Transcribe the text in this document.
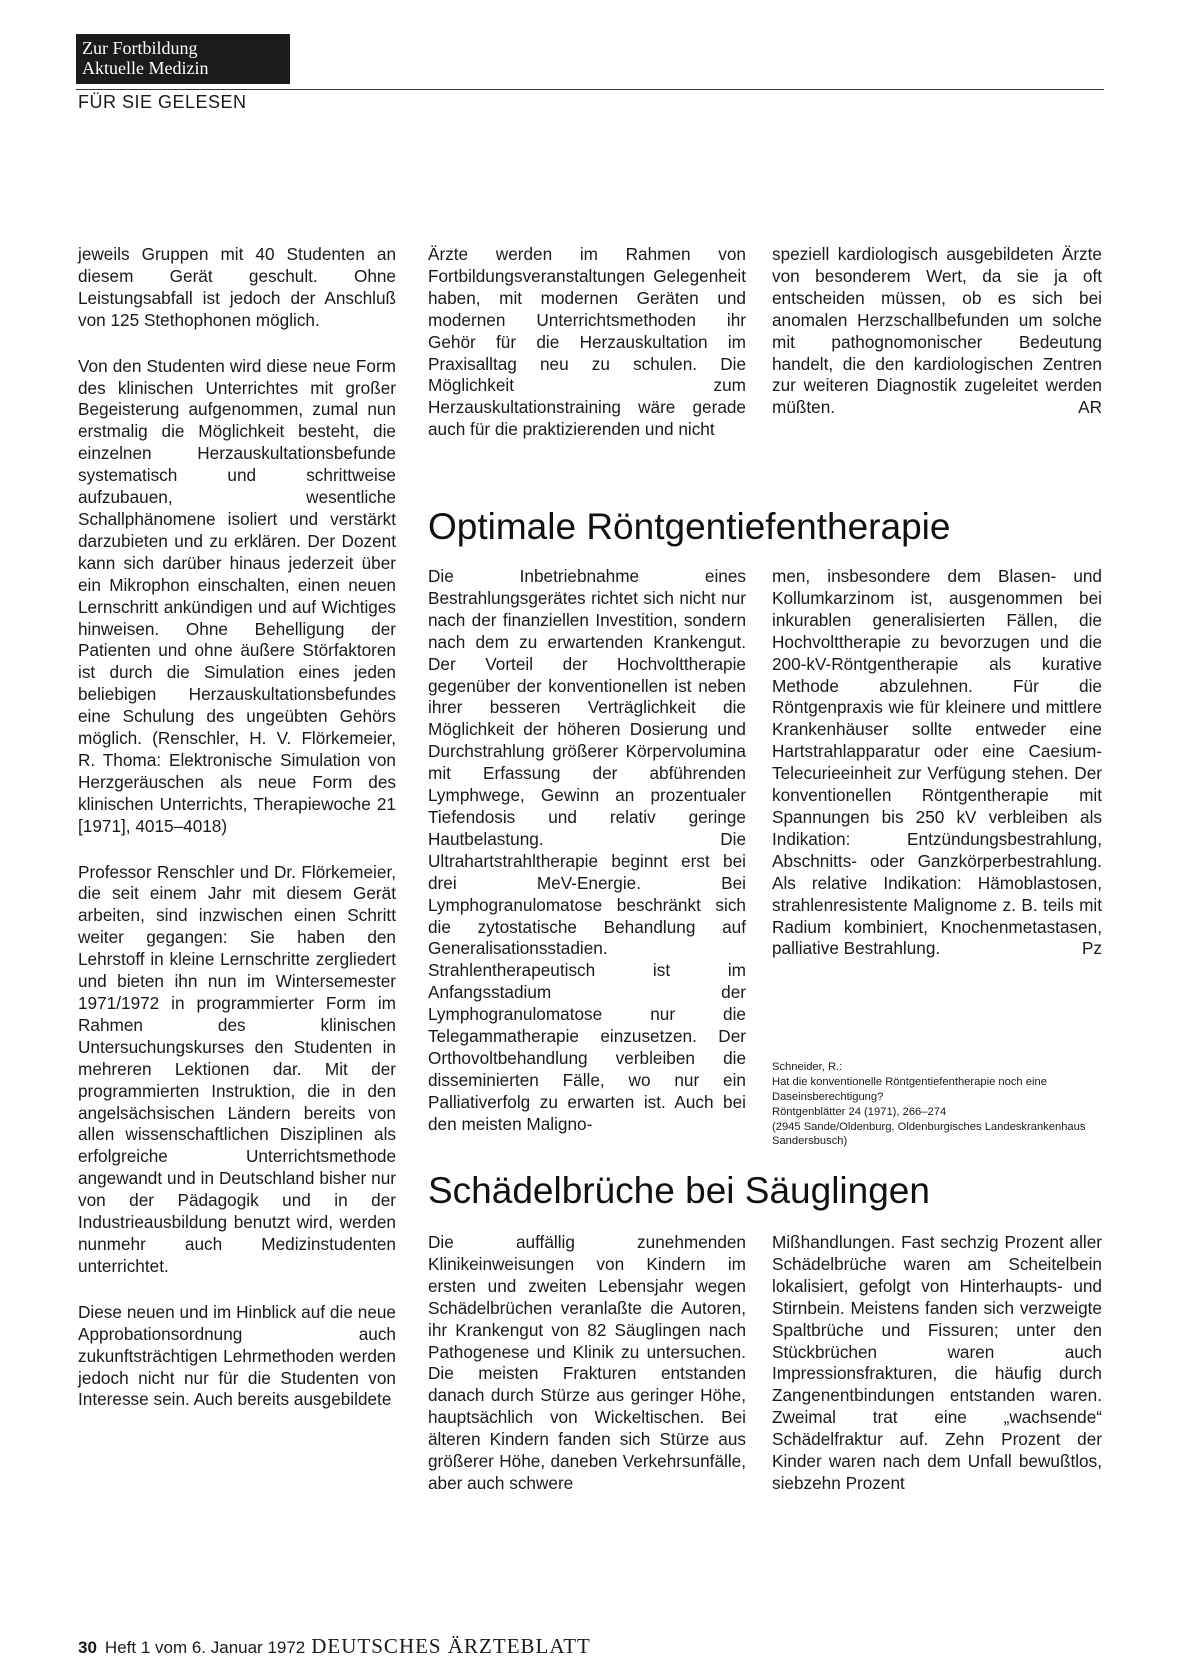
Zur Fortbildung
Aktuelle Medizin
FÜR SIE GELESEN

jeweils Gruppen mit 40 Studenten an diesem Gerät geschult. Ohne Leistungsabfall ist jedoch der Anschluß von 125 Stethophonen möglich.

Von den Studenten wird diese neue Form des klinischen Unterrichtes mit großer Begeisterung aufgenommen, zumal nun erstmalig die Möglichkeit besteht, die einzelnen Herzauskultationsbefunde systematisch und schrittweise aufzubauen, wesentliche Schallphänomene isoliert und verstärkt darzubieten und zu erklären. Der Dozent kann sich darüber hinaus jederzeit über ein Mikrophon einschalten, einen neuen Lernschritt ankündigen und auf Wichtiges hinweisen. Ohne Behelligung der Patienten und ohne äußere Störfaktoren ist durch die Simulation eines jeden beliebigen Herzauskultationsbefundes eine Schulung des ungeübten Gehörs möglich. (Renschler, H. V. Flörkemeier, R. Thoma: Elektronische Simulation von Herzgeräuschen als neue Form des klinischen Unterrichts, Therapiewoche 21 [1971], 4015–4018)

Professor Renschler und Dr. Flörkemeier, die seit einem Jahr mit diesem Gerät arbeiten, sind inzwischen einen Schritt weiter gegangen: Sie haben den Lehrstoff in kleine Lernschritte zergliedert und bieten ihn nun im Wintersemester 1971/1972 in programmierter Form im Rahmen des klinischen Untersuchungskurses den Studenten in mehreren Lektionen dar. Mit der programmierten Instruktion, die in den angelsächsischen Ländern bereits von allen wissenschaftlichen Disziplinen als erfolgreiche Unterrichtsmethode angewandt und in Deutschland bisher nur von der Pädagogik und in der Industrieausbildung benutzt wird, werden nunmehr auch Medizinstudenten unterrichtet.

Diese neuen und im Hinblick auf die neue Approbationsordnung auch zukunftsträchtigen Lehrmethoden werden jedoch nicht nur für die Studenten von Interesse sein. Auch bereits ausgebildete

Ärzte werden im Rahmen von Fortbildungsveranstaltungen Gelegenheit haben, mit modernen Geräten und modernen Unterrichtsmethoden ihr Gehör für die Herzauskultation im Praxisalltag neu zu schulen. Die Möglichkeit zum Herzauskultationstraining wäre gerade auch für die praktizierenden und nicht

speziell kardiologisch ausgebildeten Ärzte von besonderem Wert, da sie ja oft entscheiden müssen, ob es sich bei anomalen Herzschallbefunden um solche mit pathognomonischer Bedeutung handelt, die den kardiologischen Zentren zur weiteren Diagnostik zugeleitet werden müßten.	AR

Optimale Röntgentiefentherapie

Die Inbetriebnahme eines Bestrahlungsgerätes richtet sich nicht nur nach der finanziellen Investition, sondern nach dem zu erwartenden Krankengut. Der Vorteil der Hochvolttherapie gegenüber der konventionellen ist neben ihrer besseren Verträglichkeit die Möglichkeit der höheren Dosierung und Durchstrahlung größerer Körpervolumina mit Erfassung der abführenden Lymphwege, Gewinn an prozentualer Tiefendosis und relativ geringe Hautbelastung. Die Ultrahartstrahltherapie beginnt erst bei drei MeV-Energie. Bei Lymphogranulomatose beschränkt sich die zytostatische Behandlung auf Generalisationsstadien. Strahlentherapeutisch ist im Anfangsstadium der Lymphogranulomatose nur die Telegammatherapie einzusetzen. Der Orthovoltbehandlung verbleiben die disseminierten Fälle, wo nur ein Palliativerfolg zu erwarten ist. Auch bei den meisten Maligno-

men, insbesondere dem Blasen- und Kollumkarzinom ist, ausgenommen bei inkurablen generalisierten Fällen, die Hochvolttherapie zu bevorzugen und die 200-kV-Röntgentherapie als kurative Methode abzulehnen. Für die Röntgenpraxis wie für kleinere und mittlere Krankenhäuser sollte entweder eine Hartstrahlapparatur oder eine Caesium-Telecurieeinheit zur Verfügung stehen. Der konventionellen Röntgentherapie mit Spannungen bis 250 kV verbleiben als Indikation: Entzündungsbestrahlung, Abschnitts- oder Ganzkörperbestrahlung. Als relative Indikation: Hämoblastosen, strahlenresistente Malignome z. B. teils mit Radium kombiniert, Knochenmetastasen, palliative Bestrahlung.	Pz

Schneider, R.:
Hat die konventionelle Röntgentiefentherapie noch eine Daseinsberechtigung?
Röntgenblätter 24 (1971), 266–274
(2945 Sande/Oldenburg, Oldenburgisches Landeskrankenhaus Sandersbusch)
Schädelbrüche bei Säuglingen

Die auffällig zunehmenden Klinikeinweisungen von Kindern im ersten und zweiten Lebensjahr wegen Schädelbrüchen veranlaßte die Autoren, ihr Krankengut von 82 Säuglingen nach Pathogenese und Klinik zu untersuchen. Die meisten Frakturen entstanden danach durch Stürze aus geringer Höhe, hauptsächlich von Wickeltischen. Bei älteren Kindern fanden sich Stürze aus größerer Höhe, daneben Verkehrsunfälle, aber auch schwere

Mißhandlungen. Fast sechzig Prozent aller Schädelbrüche waren am Scheitelbein lokalisiert, gefolgt von Hinterhaupts- und Stirnbein. Meistens fanden sich verzweigte Spaltbrüche und Fissuren; unter den Stückbrüchen waren auch Impressionsfrakturen, die häufig durch Zangenentbindungen entstanden waren. Zweimal trat eine „wachsende“ Schädelfraktur auf. Zehn Prozent der Kinder waren nach dem Unfall bewußtlos, siebzehn Prozent

30 Heft 1 vom 6. Januar 1972 DEUTSCHES ÄRZTEBLATT
